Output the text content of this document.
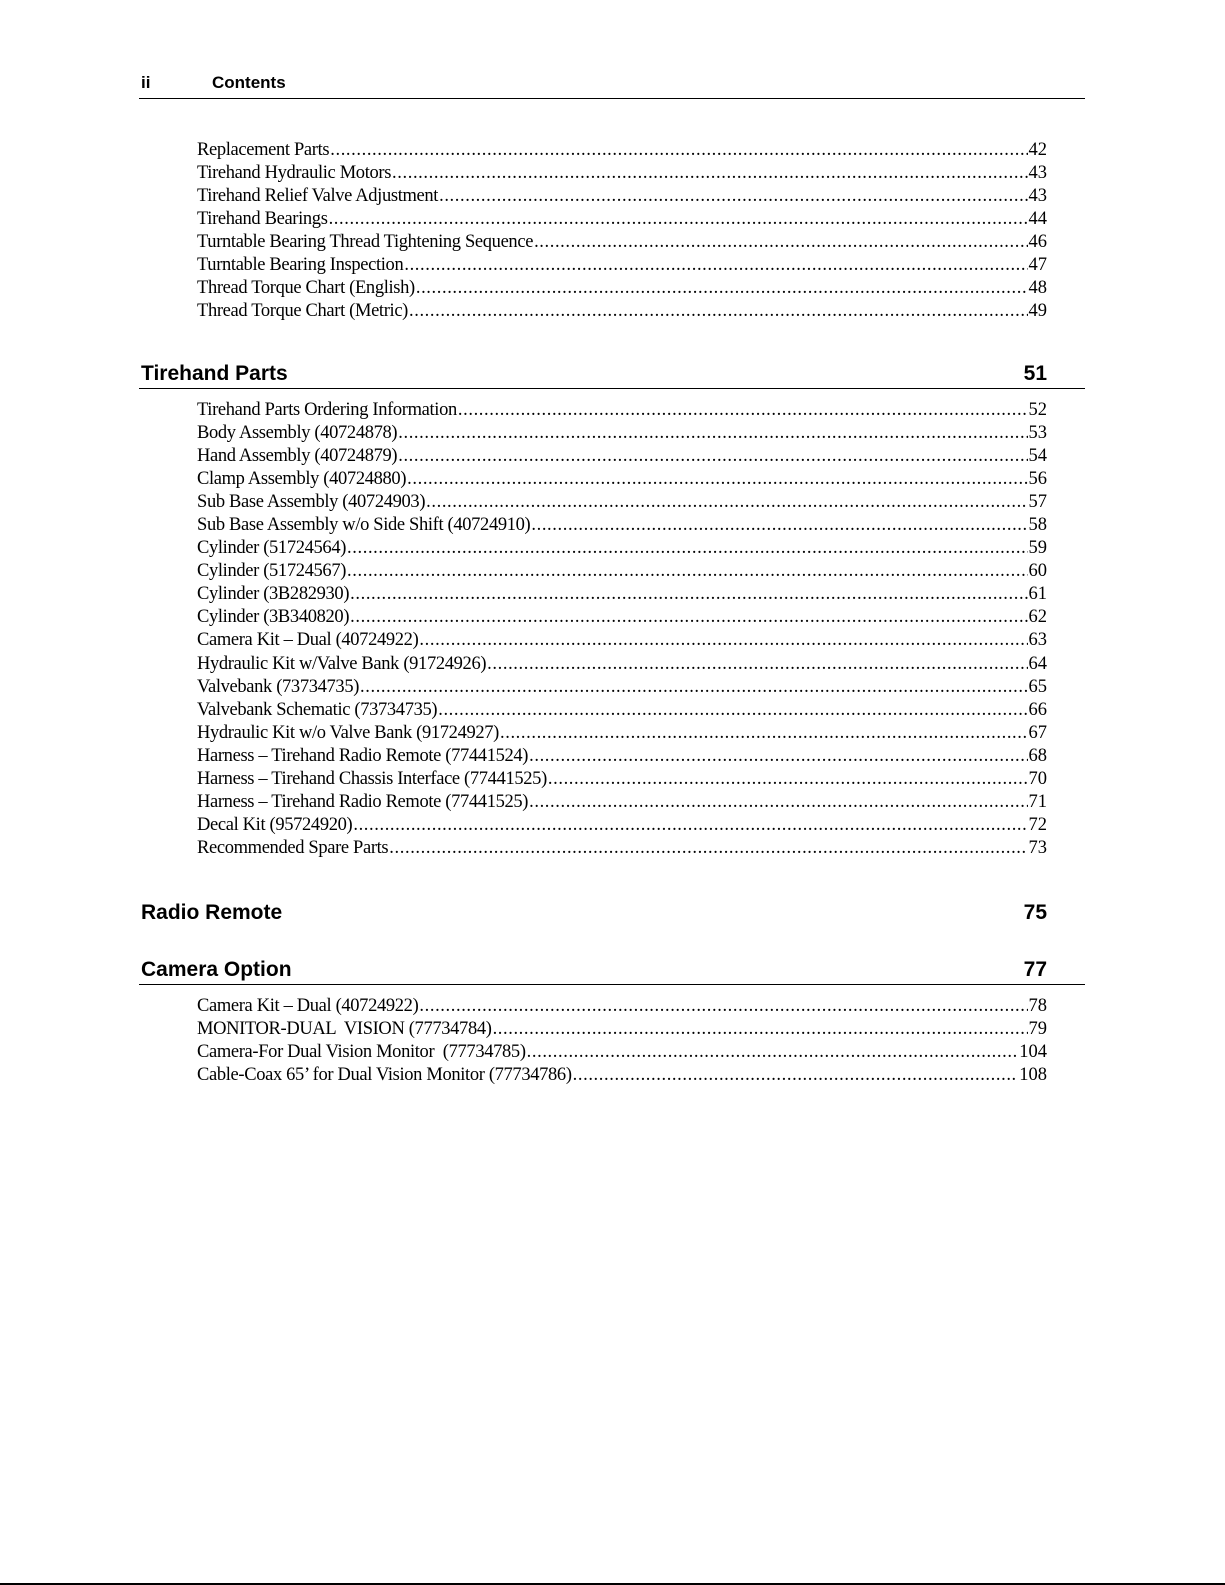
ii	Contents
Replacement Parts .....	42
Tirehand Hydraulic Motors .....	43
Tirehand Relief Valve Adjustment .....	43
Tirehand Bearings .....	44
Turntable Bearing Thread Tightening Sequence .....	46
Turntable Bearing Inspection .....	47
Thread Torque Chart (English) .....	48
Thread Torque Chart (Metric) .....	49
Tirehand Parts	51
Tirehand Parts Ordering Information .....	52
Body Assembly (40724878) .....	53
Hand Assembly (40724879) .....	54
Clamp Assembly (40724880) .....	56
Sub Base Assembly (40724903) .....	57
Sub Base Assembly w/o Side Shift (40724910) .....	58
Cylinder (51724564) .....	59
Cylinder (51724567) .....	60
Cylinder (3B282930) .....	61
Cylinder (3B340820) .....	62
Camera Kit – Dual (40724922) .....	63
Hydraulic Kit w/Valve Bank (91724926) .....	64
Valvebank (73734735) .....	65
Valvebank Schematic (73734735) .....	66
Hydraulic Kit w/o Valve Bank (91724927) .....	67
Harness – Tirehand Radio Remote (77441524) .....	68
Harness – Tirehand Chassis Interface (77441525) .....	70
Harness – Tirehand Radio Remote (77441525) .....	71
Decal Kit (95724920) .....	72
Recommended Spare Parts .....	73
Radio Remote	75
Camera Option	77
Camera Kit – Dual (40724922) .....	78
MONITOR-DUAL  VISION (77734784) .....	79
Camera-For Dual Vision Monitor  (77734785) .....	104
Cable-Coax 65’ for Dual Vision Monitor (77734786) .....	108
